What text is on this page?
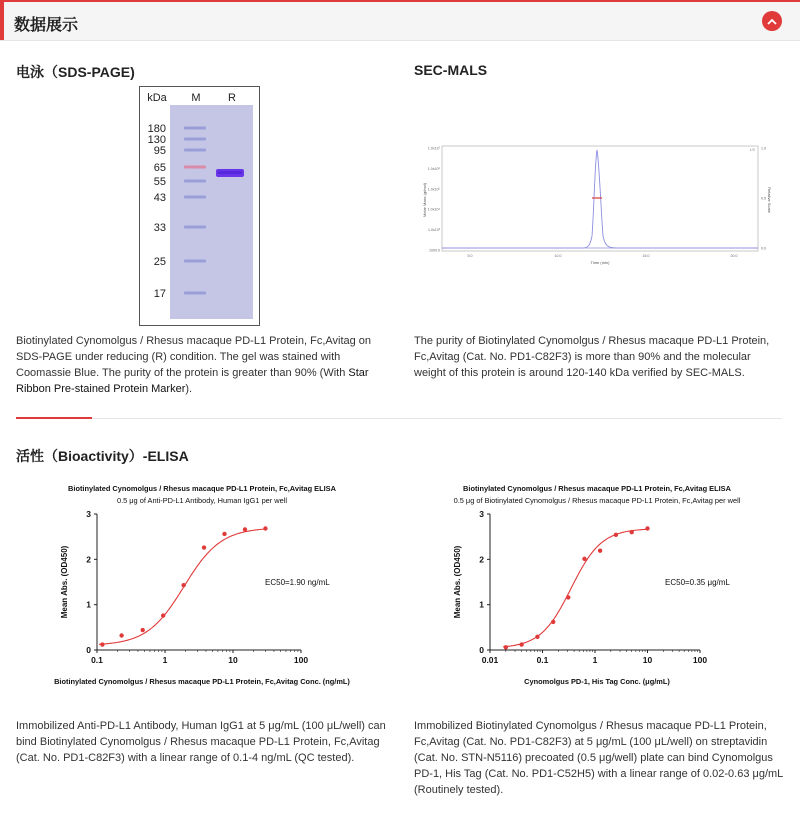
数据展示
电泳（SDS-PAGE)
kDa M R
180
130
95
65
55
43
33
25
17
Biotinylated Cynomolgus / Rhesus macaque PD-L1 Protein, Fc,Avitag on SDS-PAGE under reducing (R) condition. The gel was stained with Coomassie Blue. The purity of the protein is greater than 90% (With Star Ribbon Pre-stained Protein Marker).
SEC-MALS
1.0x10⁷
1.0x10⁶
1.0x10⁵
1.0x10⁴
1.0x10³
1000.0
1.0
0.5
0.0
5.0	10.0	15.0	20.0
Molar Mass (g/mol)	Relative Scale
Time (min)
LS
The purity of Biotinylated Cynomolgus / Rhesus macaque PD-L1 Protein, Fc,Avitag (Cat. No. PD1-C82F3) is more than 90% and the molecular weight of this protein is around 120-140 kDa verified by SEC-MALS.
活性（Bioactivity）-ELISA
Biotinylated Cynomolgus / Rhesus macaque PD-L1 Protein, Fc,Avitag ELISA
0.5 μg of Anti-PD-L1 Antibody, Human IgG1 per well
0
1
2
3
0.1	1	10	100
Mean Abs. (OD450)
Biotinylated Cynomolgus / Rhesus macaque PD-L1 Protein, Fc,Avitag Conc. (ng/mL)
EC50=1.90 ng/mL
Biotinylated Cynomolgus / Rhesus macaque PD-L1 Protein, Fc,Avitag ELISA
0.5 μg of Biotinylated Cynomolgus / Rhesus macaque PD-L1 Protein, Fc,Avitag per well
0
1
2
3
0.01	0.1	1	10	100
Mean Abs. (OD450)
Cynomolgus PD-1, His Tag Conc. (μg/mL)
EC50=0.35 μg/mL
Immobilized Anti-PD-L1 Antibody, Human IgG1 at 5 μg/mL (100 μL/well) can bind Biotinylated Cynomolgus / Rhesus macaque PD-L1 Protein, Fc,Avitag (Cat. No. PD1-C82F3) with a linear range of 0.1-4 ng/mL (QC tested).
Immobilized Biotinylated Cynomolgus / Rhesus macaque PD-L1 Protein, Fc,Avitag (Cat. No. PD1-C82F3) at 5 μg/mL (100 μL/well) on streptavidin (Cat. No. STN-N5116) precoated (0.5 μg/well) plate can bind Cynomolgus PD-1, His Tag (Cat. No. PD1-C52H5) with a linear range of 0.02-0.63 μg/mL (Routinely tested).
